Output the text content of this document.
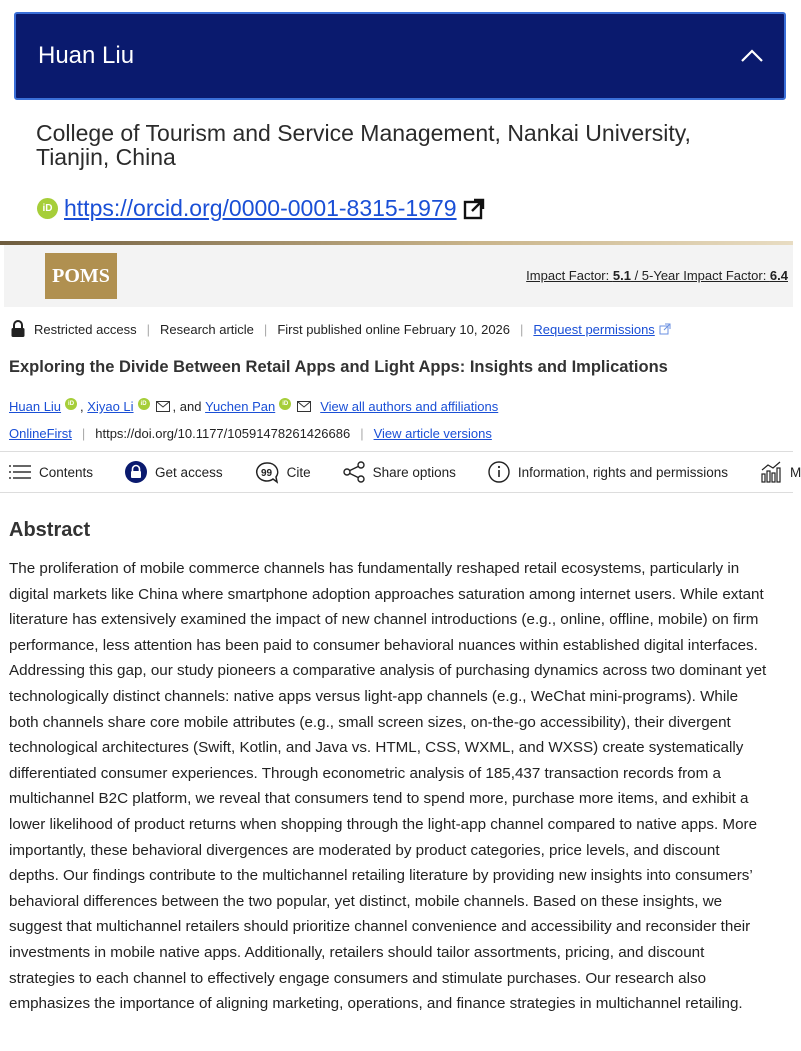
Huan Liu
College of Tourism and Service Management, Nankai University, Tianjin, China
iD https://orcid.org/0000-0001-8315-1979
POMS	Impact Factor: 5.1 / 5-Year Impact Factor: 6.4
Restricted access | Research article | First published online February 10, 2026 | Request permissions
Exploring the Divide Between Retail Apps and Light Apps: Insights and Implications
Huan Liu	iD ,
Xiyao Li	iD , and
Yuchen Pan	iD View all authors and affiliations
OnlineFirst | https://doi.org/10.1177/10591478261426686 | View article versions
Contents	Get access	99 Cite	Share options	Information, rights and permissions	M
Abstract

The proliferation of mobile commerce channels has fundamentally reshaped retail ecosystems, particularly in digital markets like China where smartphone adoption approaches saturation among internet users. While extant literature has extensively examined the impact of new channel introductions (e.g., online, offline, mobile) on firm performance, less attention has been paid to consumer behavioral nuances within established digital interfaces. Addressing this gap, our study pioneers a comparative analysis of purchasing dynamics across two dominant yet technologically distinct channels: native apps versus light-app channels (e.g., WeChat mini-programs). While both channels share core mobile attributes (e.g., small screen sizes, on-the-go accessibility), their divergent technological architectures (Swift, Kotlin, and Java vs. HTML, CSS, WXML, and WXSS) create systematically differentiated consumer experiences. Through econometric analysis of 185,437 transaction records from a multichannel B2C platform, we reveal that consumers tend to spend more, purchase more items, and exhibit a lower likelihood of product returns when shopping through the light-app channel compared to native apps. More importantly, these behavioral divergences are moderated by product categories, price levels, and discount depths. Our findings contribute to the multichannel retailing literature by providing new insights into consumers’ behavioral differences between the two popular, yet distinct, mobile channels. Based on these insights, we suggest that multichannel retailers should prioritize channel convenience and accessibility and reconsider their investments in mobile native apps. Additionally, retailers should tailor assortments, pricing, and discount strategies to each channel to effectively engage consumers and stimulate purchases. Our research also emphasizes the importance of aligning marketing, operations, and finance strategies in multichannel retailing.
